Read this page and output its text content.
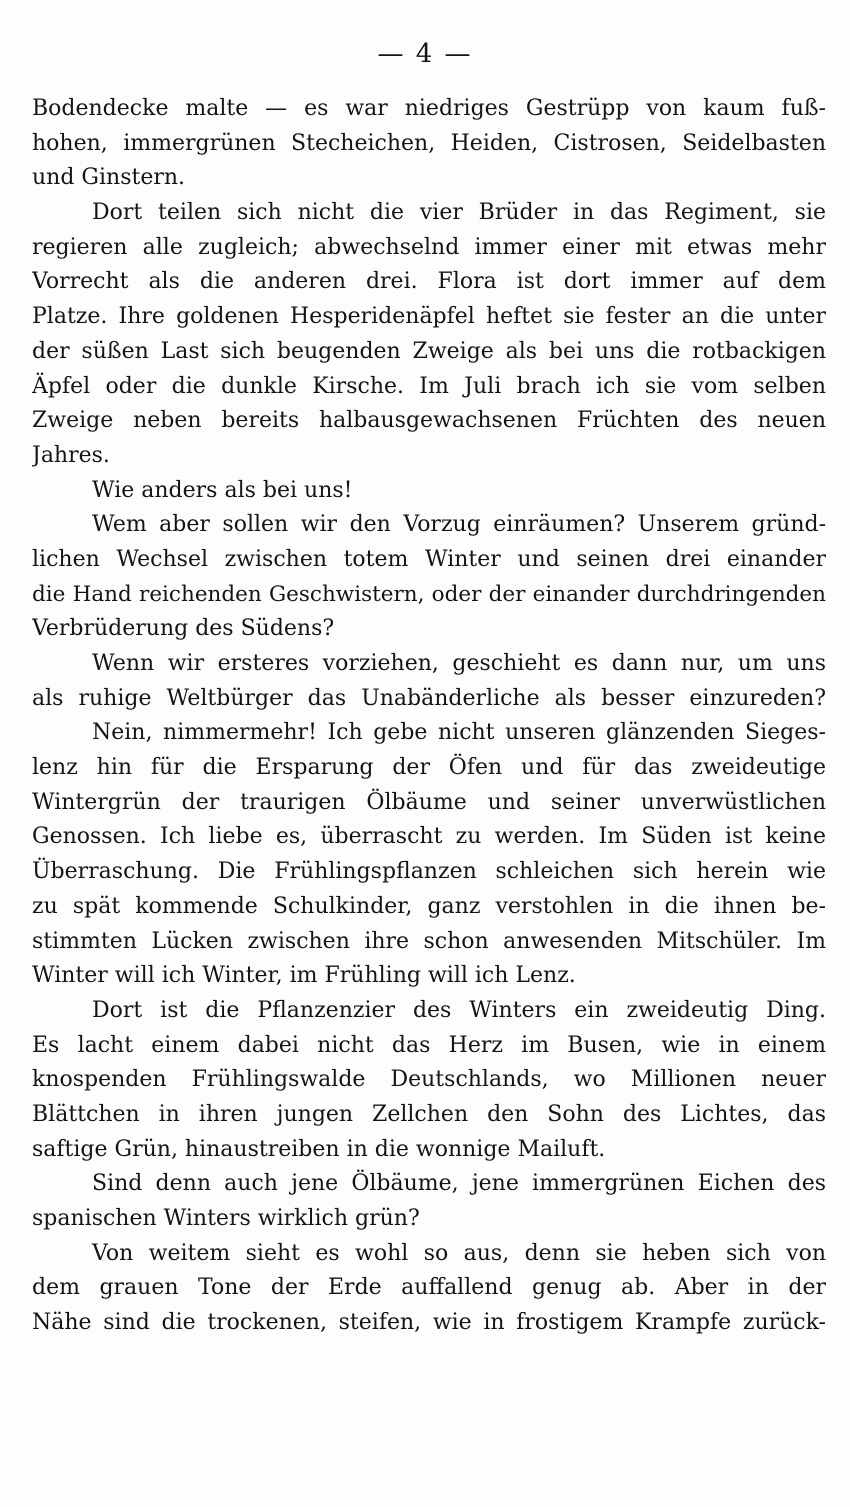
— 4 —
Bodendecke malte — es war niedriges Gestrüpp von kaum fuß-
hohen, immergrünen Stecheichen, Heiden, Cistrosen, Seidelbasten
und Ginstern.
Dort teilen sich nicht die vier Brüder in das Regiment, sie
regieren alle zugleich; abwechselnd immer einer mit etwas mehr
Vorrecht als die anderen drei. Flora ist dort immer auf dem
Platze. Ihre goldenen Hesperidenäpfel heftet sie fester an die unter
der süßen Last sich beugenden Zweige als bei uns die rotbackigen
Äpfel oder die dunkle Kirsche. Im Juli brach ich sie vom selben
Zweige neben bereits halbausgewachsenen Früchten des neuen
Jahres.
Wie anders als bei uns!
Wem aber sollen wir den Vorzug einräumen? Unserem gründ-
lichen Wechsel zwischen totem Winter und seinen drei einander
die Hand reichenden Geschwistern, oder der einander durchdringenden
Verbrüderung des Südens?
Wenn wir ersteres vorziehen, geschieht es dann nur, um uns
als ruhige Weltbürger das Unabänderliche als besser einzureden?
Nein, nimmermehr! Ich gebe nicht unseren glänzenden Sieges-
lenz hin für die Ersparung der Öfen und für das zweideutige
Wintergrün der traurigen Ölbäume und seiner unverwüstlichen
Genossen. Ich liebe es, überrascht zu werden. Im Süden ist keine
Überraschung. Die Frühlingspflanzen schleichen sich herein wie
zu spät kommende Schulkinder, ganz verstohlen in die ihnen be-
stimmten Lücken zwischen ihre schon anwesenden Mitschüler. Im
Winter will ich Winter, im Frühling will ich Lenz.
Dort ist die Pflanzenzier des Winters ein zweideutig Ding.
Es lacht einem dabei nicht das Herz im Busen, wie in einem
knospenden Frühlingswalde Deutschlands, wo Millionen neuer
Blättchen in ihren jungen Zellchen den Sohn des Lichtes, das
saftige Grün, hinaustreiben in die wonnige Mailuft.
Sind denn auch jene Ölbäume, jene immergrünen Eichen des
spanischen Winters wirklich grün?
Von weitem sieht es wohl so aus, denn sie heben sich von
dem grauen Tone der Erde auffallend genug ab. Aber in der
Nähe sind die trockenen, steifen, wie in frostigem Krampfe zurück-
